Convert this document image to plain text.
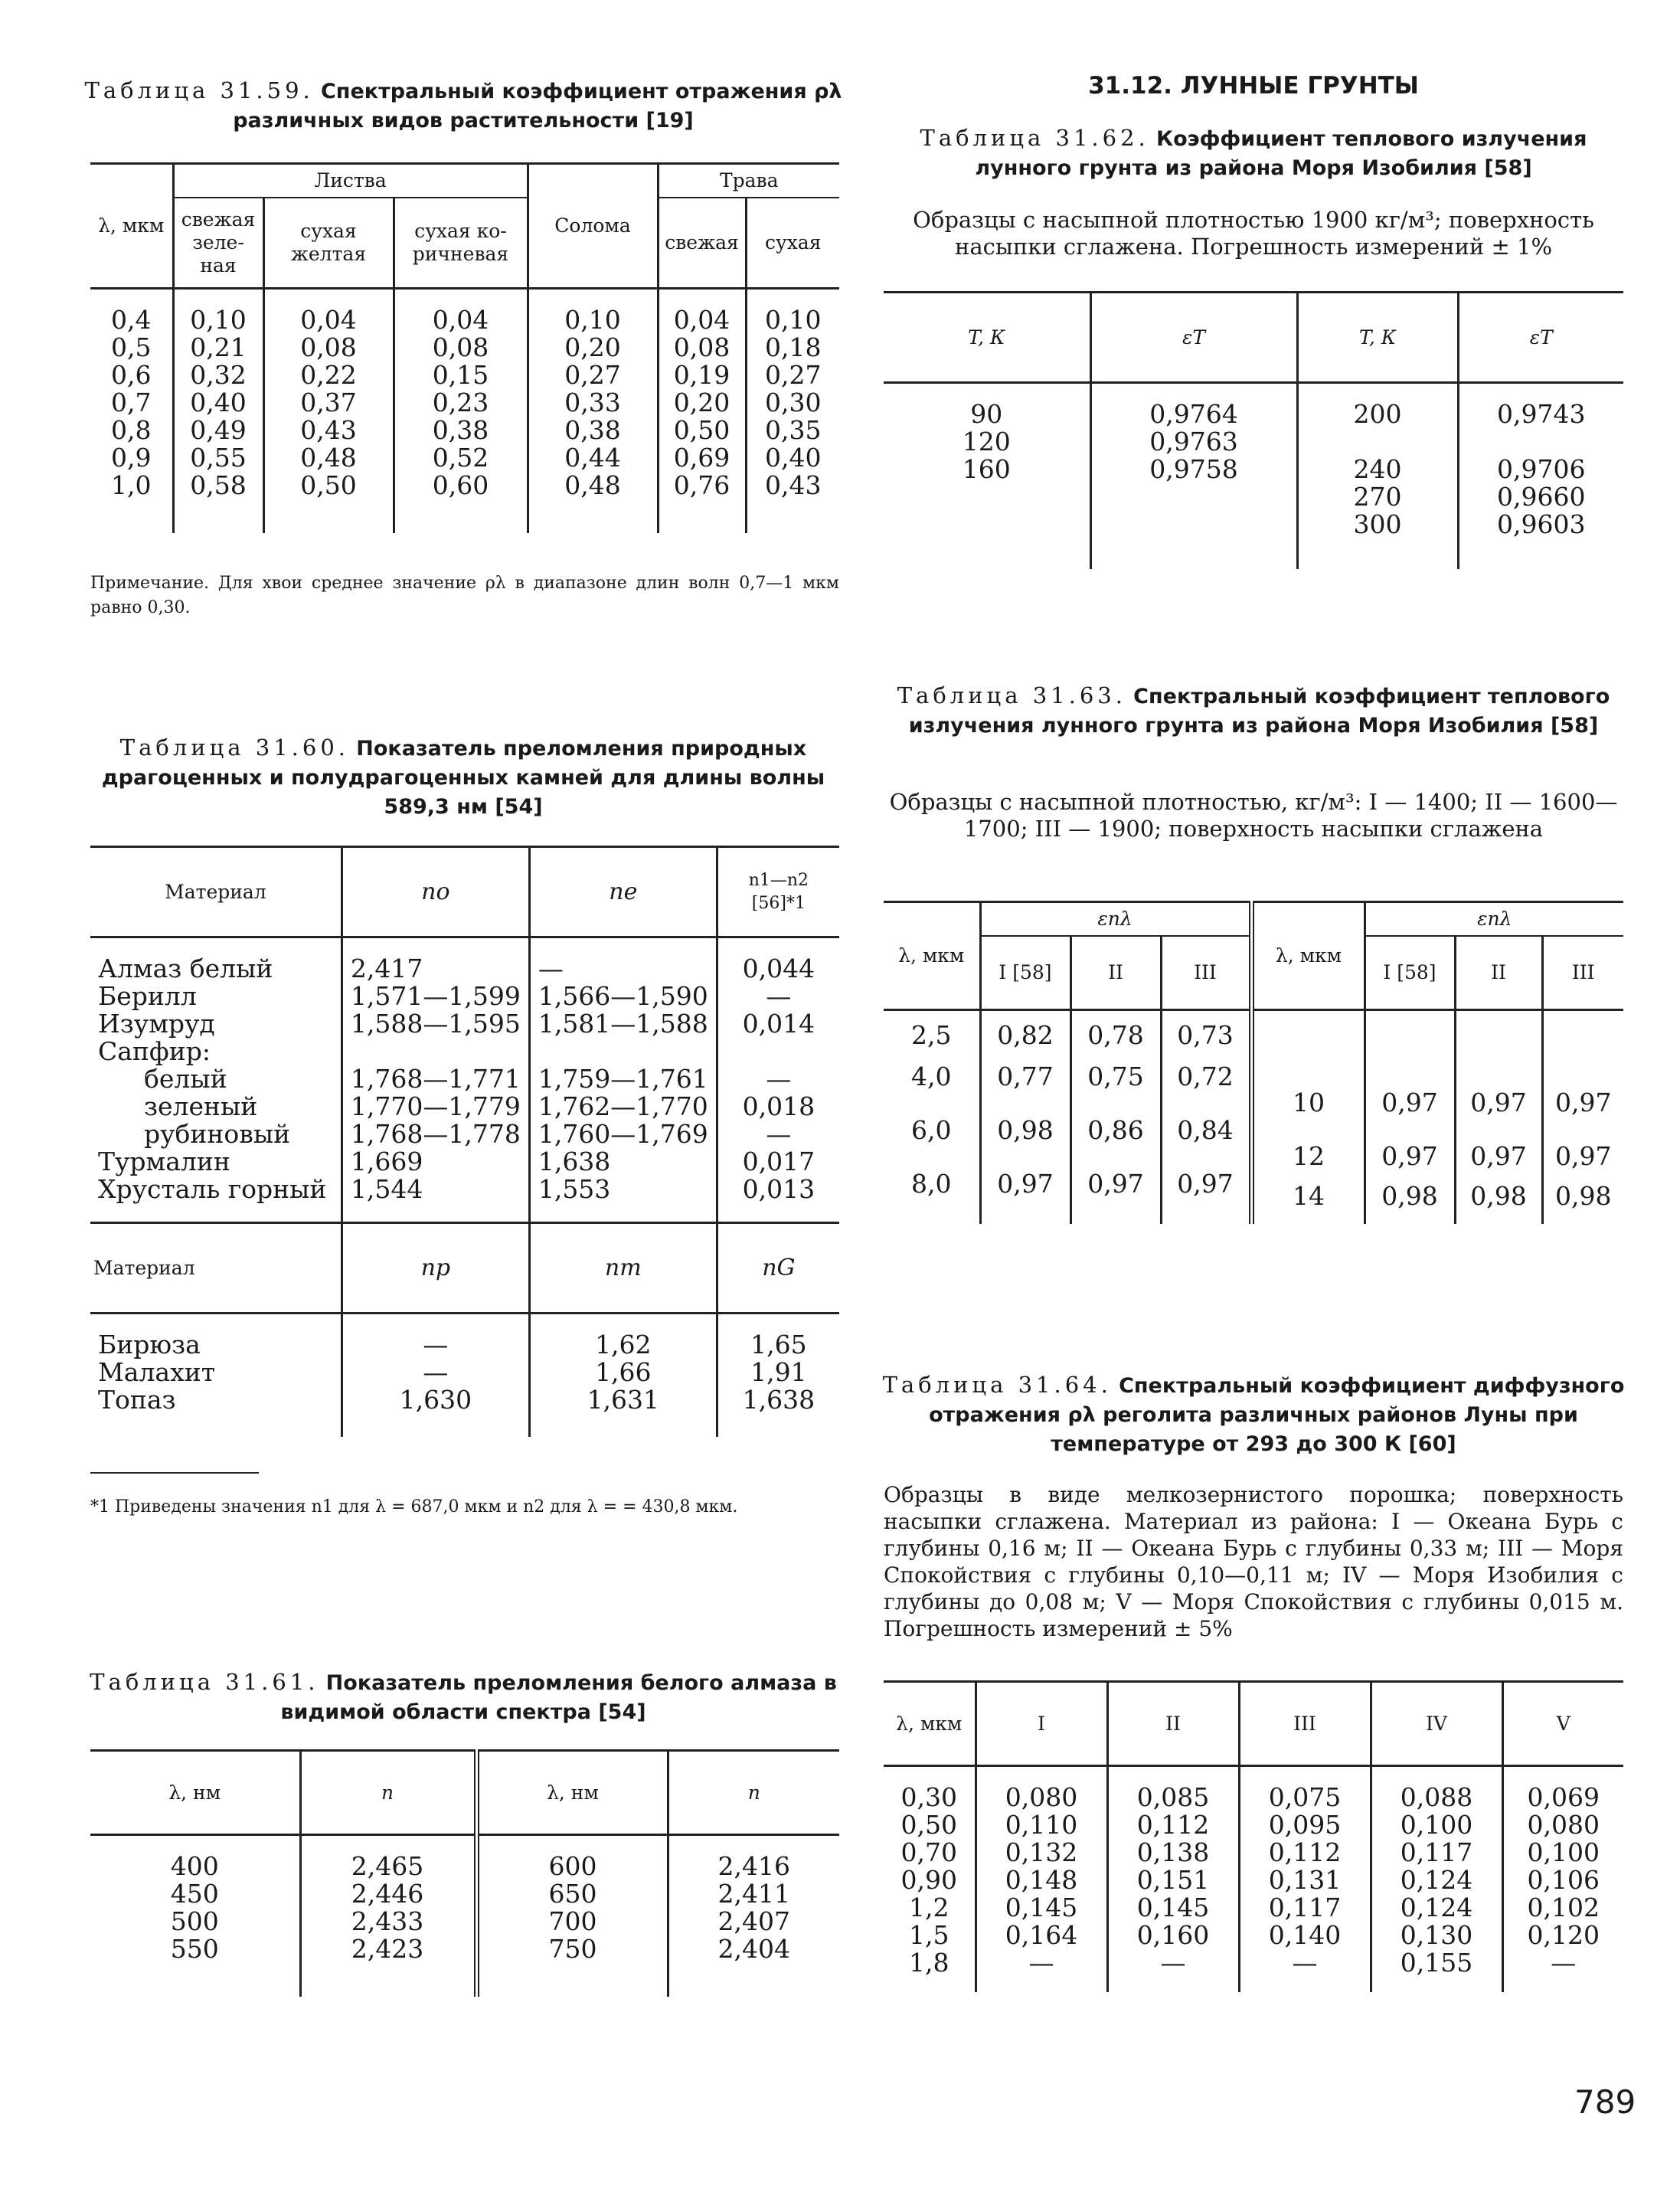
Таблица 31.59. Спектральный коэффициент отражения ρλ различных видов растительности [19]
λ, мкм	Листва			Солома	Трава	
	свежая зеле- ная	сухая желтая	сухая ко- ричневая		свежая	сухая
0,4	0,10	0,04	0,04	0,10	0,04	0,10
0,5	0,21	0,08	0,08	0,20	0,08	0,18
0,6	0,32	0,22	0,15	0,27	0,19	0,27
0,7	0,40	0,37	0,23	0,33	0,20	0,30
0,8	0,49	0,43	0,38	0,38	0,50	0,35
0,9	0,55	0,48	0,52	0,44	0,69	0,40
1,0	0,58	0,50	0,60	0,48	0,76	0,43
Примечание. Для хвои среднее значение ρλ в диапазоне длин волн 0,7—1 мкм равно 0,30.
Таблица 31.60. Показатель преломления природных драгоценных и полудрагоценных камней для длины волны 589,3 нм [54]
Материал	no	ne	n1—n2 [56]*1
Алмаз белый	2,417	—	0,044
Берилл	1,571—1,599	1,566—1,590	—
Изумруд	1,588—1,595	1,581—1,588	0,014
Сапфир:			
белый	1,768—1,771	1,759—1,761	—
зеленый	1,770—1,779	1,762—1,770	0,018
рубиновый	1,768—1,778	1,760—1,769	—
Турмалин	1,669	1,638	0,017
Хрусталь горный	1,544	1,553	0,013
Материал	np	nm	nG
Бирюза	—	1,62	1,65
Малахит	—	1,66	1,91
Топаз	1,630	1,631	1,638
*1 Приведены значения n1 для λ = 687,0 мкм и n2 для λ = = 430,8 мкм.
Таблица 31.61. Показатель преломления белого алмаза в видимой области спектра [54]
λ, нм	n	λ, нм	n
400	2,465	600	2,416
450	2,446	650	2,411
500	2,433	700	2,407
550	2,423	750	2,404
31.12. ЛУННЫЕ ГРУНТЫ
Таблица 31.62. Коэффициент теплового излучения лунного грунта из района Моря Изобилия [58]
Образцы с насыпной плотностью 1900 кг/м³; поверхность насыпки сглажена. Погрешность измерений ± 1%
T, К	εT	T, К	εT
90	0,9764	200	0,9743
120	0,9763		
160	0,9758	240	0,9706
		270	0,9660
		300	0,9603
Таблица 31.63. Спектральный коэффициент теплового излучения лунного грунта из района Моря Изобилия [58]
Образцы с насыпной плотностью, кг/м³: I — 1400; II — 1600—1700; III — 1900; поверхность насыпки сглажена
λ, мкм	εnλ			λ, мкм	εnλ		
	I [58]	II	III		I [58]	II	III
2,5	0,82	0,78	0,73				
4,0	0,77	0,75	0,72	10	0,97	0,97	0,97
6,0	0,98	0,86	0,84	12	0,97	0,97	0,97
8,0	0,97	0,97	0,97	14	0,98	0,98	0,98
Таблица 31.64. Спектральный коэффициент диффузного отражения ρλ реголита различных районов Луны при температуре от 293 до 300 К [60]
Образцы в виде мелкозернистого порошка; поверхность насыпки сглажена. Материал из района: I — Океана Бурь с глубины 0,16 м; II — Океана Бурь с глубины 0,33 м; III — Моря Спокойствия с глубины 0,10—0,11 м; IV — Моря Изобилия с глубины до 0,08 м; V — Моря Спокойствия с глубины 0,015 м. Погрешность измерений ± 5%
λ, мкм	I	II	III	IV	V
0,30	0,080	0,085	0,075	0,088	0,069
0,50	0,110	0,112	0,095	0,100	0,080
0,70	0,132	0,138	0,112	0,117	0,100
0,90	0,148	0,151	0,131	0,124	0,106
1,2	0,145	0,145	0,117	0,124	0,102
1,5	0,164	0,160	0,140	0,130	0,120
1,8	—	—	—	0,155	—
789
